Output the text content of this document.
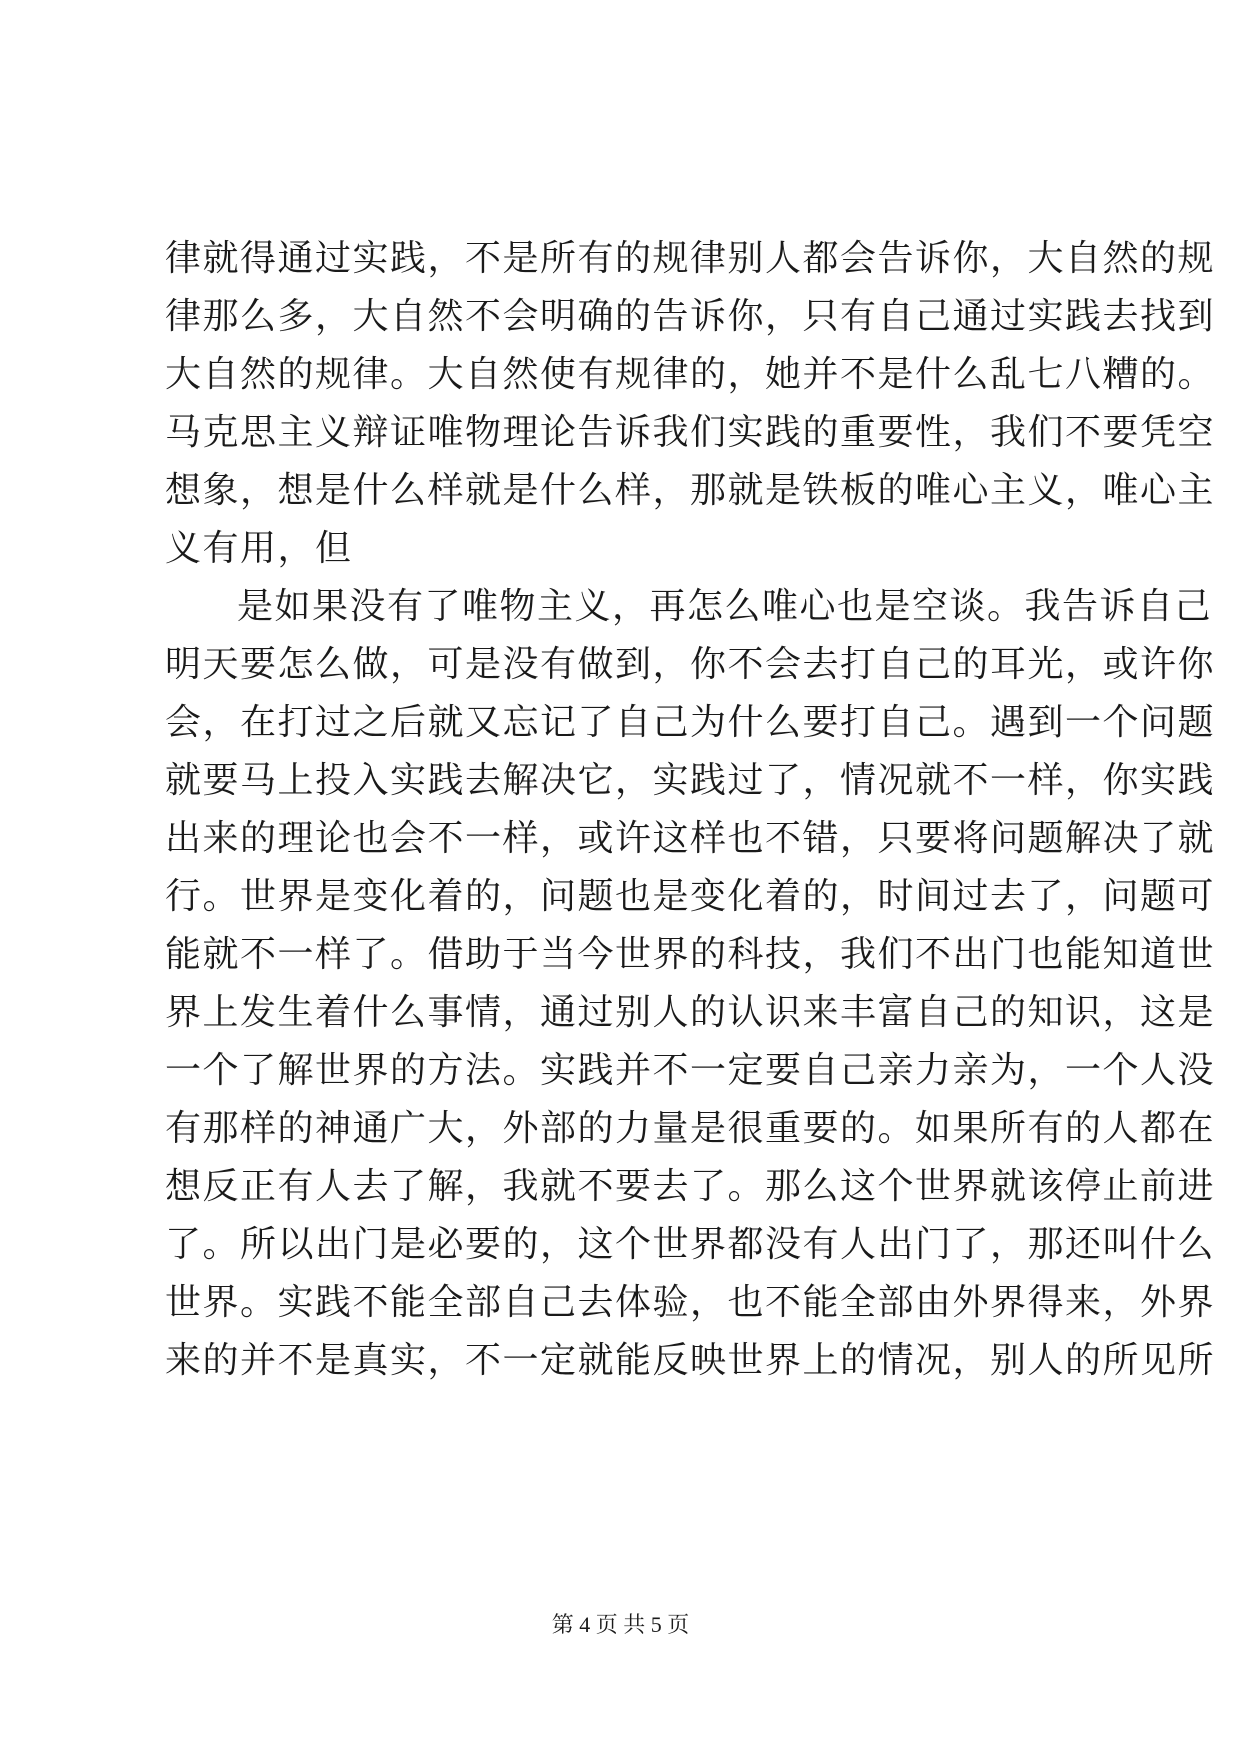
律就得通过实践，不是所有的规律别人都会告诉你，大自然的规
律那么多，大自然不会明确的告诉你，只有自己通过实践去找到
大自然的规律。大自然使有规律的，她并不是什么乱七八糟的。
马克思主义辩证唯物理论告诉我们实践的重要性，我们不要凭空
想象，想是什么样就是什么样，那就是铁板的唯心主义，唯心主
义有用，但
是如果没有了唯物主义，再怎么唯心也是空谈。我告诉自己
明天要怎么做，可是没有做到，你不会去打自己的耳光，或许你
会，在打过之后就又忘记了自己为什么要打自己。遇到一个问题
就要马上投入实践去解决它，实践过了，情况就不一样，你实践
出来的理论也会不一样，或许这样也不错，只要将问题解决了就
行。世界是变化着的，问题也是变化着的，时间过去了，问题可
能就不一样了。借助于当今世界的科技，我们不出门也能知道世
界上发生着什么事情，通过别人的认识来丰富自己的知识，这是
一个了解世界的方法。实践并不一定要自己亲力亲为，一个人没
有那样的神通广大，外部的力量是很重要的。如果所有的人都在
想反正有人去了解，我就不要去了。那么这个世界就该停止前进
了。所以出门是必要的，这个世界都没有人出门了，那还叫什么
世界。实践不能全部自己去体验，也不能全部由外界得来，外界
来的并不是真实，不一定就能反映世界上的情况，别人的所见所
第 4 页 共 5 页
